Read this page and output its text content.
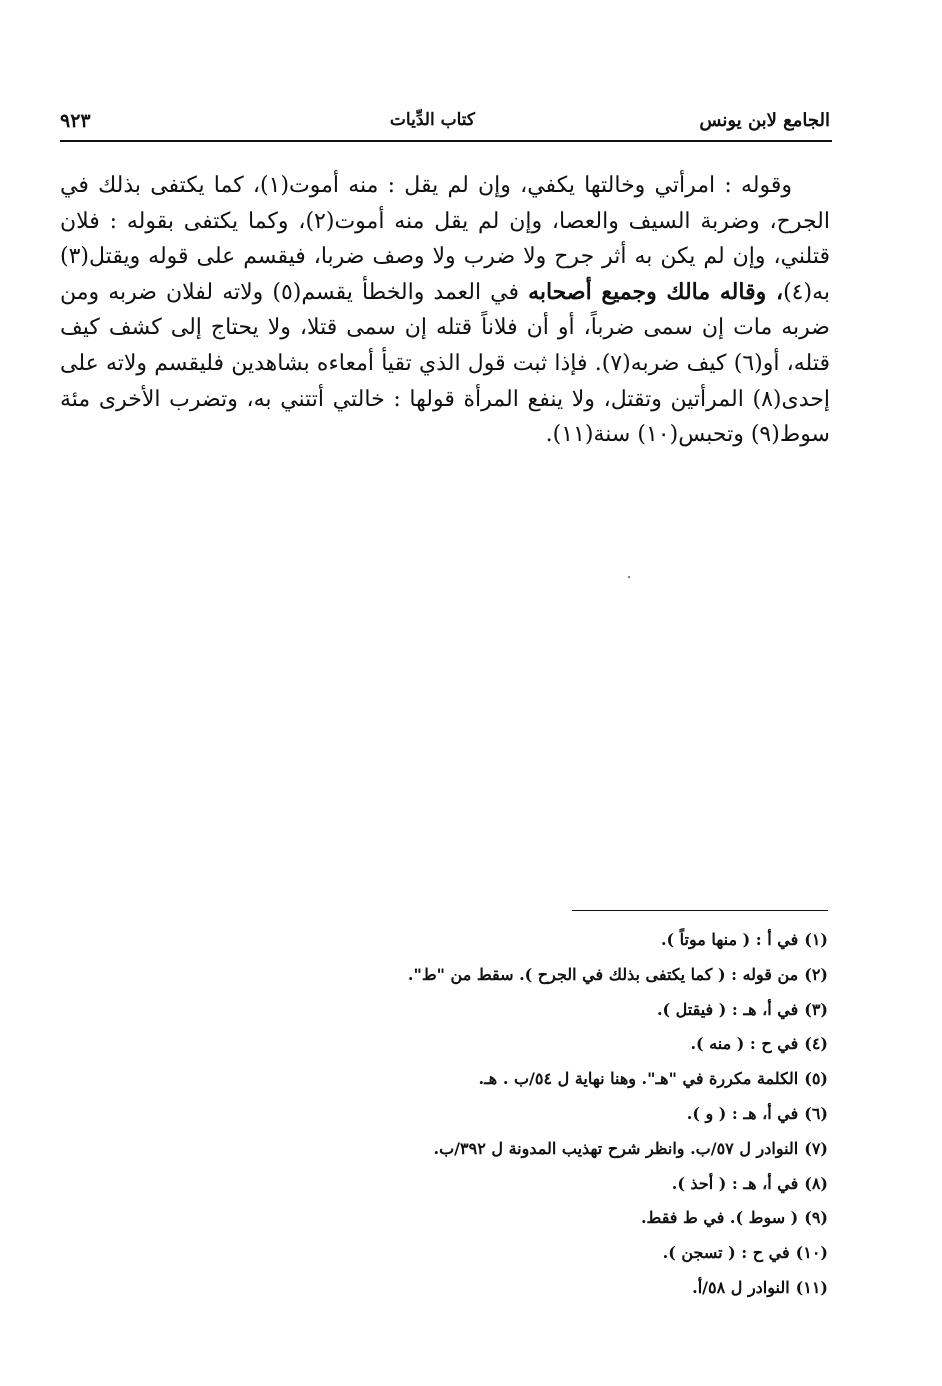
الجامع لابن يونس
كتاب الدِّيات
٩٢٣

وقوله : امرأتي وخالتها يكفي، وإن لم يقل : منه أموت(١)، كما يكتفى بذلك في الجرح، وضربة السيف والعصا، وإن لم يقل منه أموت(٢)، وكما يكتفى بقوله : فلان قتلني، وإن لم يكن به أثر جرح ولا ضرب ولا وصف ضربا، فيقسم على قوله ويقتل(٣) به(٤)، وقاله مالك وجميع أصحابه في العمد والخطأ يقسم(٥) ولاته لفلان ضربه ومن ضربه مات إن سمى ضرباً، أو أن فلاناً قتله إن سمى قتلا، ولا يحتاج إلى كشف كيف قتله، أو(٦) كيف ضربه(٧). فإذا ثبت قول الذي تقيأ أمعاءه بشاهدين فليقسم ولاته على إحدى(٨) المرأتين وتقتل، ولا ينفع المرأة قولها : خالتي أتتني به، وتضرب الأخرى مئة سوط(٩) وتحبس(١٠) سنة(١١).

(١)في أ : ( منها موتاً ).
(٢)من قوله : ( كما يكتفى بذلك في الجرح ). سقط من "ط".
(٣)في أ، هـ : ( فيقتل ).
(٤)في ح : ( منه ).
(٥)الكلمة مكررة في "هـ". وهنا نهاية ل ٥٤/ب . هـ.
(٦)في أ، هـ : ( و ).
(٧)النوادر ل ٥٧/ب. وانظر شرح تهذيب المدونة ل ٣٩٢/ب.
(٨)في أ، هـ : ( أحذ ).
(٩)( سوط ). في ط فقط.
(١٠)في ح : ( تسجن ).
(١١)النوادر ل ٥٨/أ.
